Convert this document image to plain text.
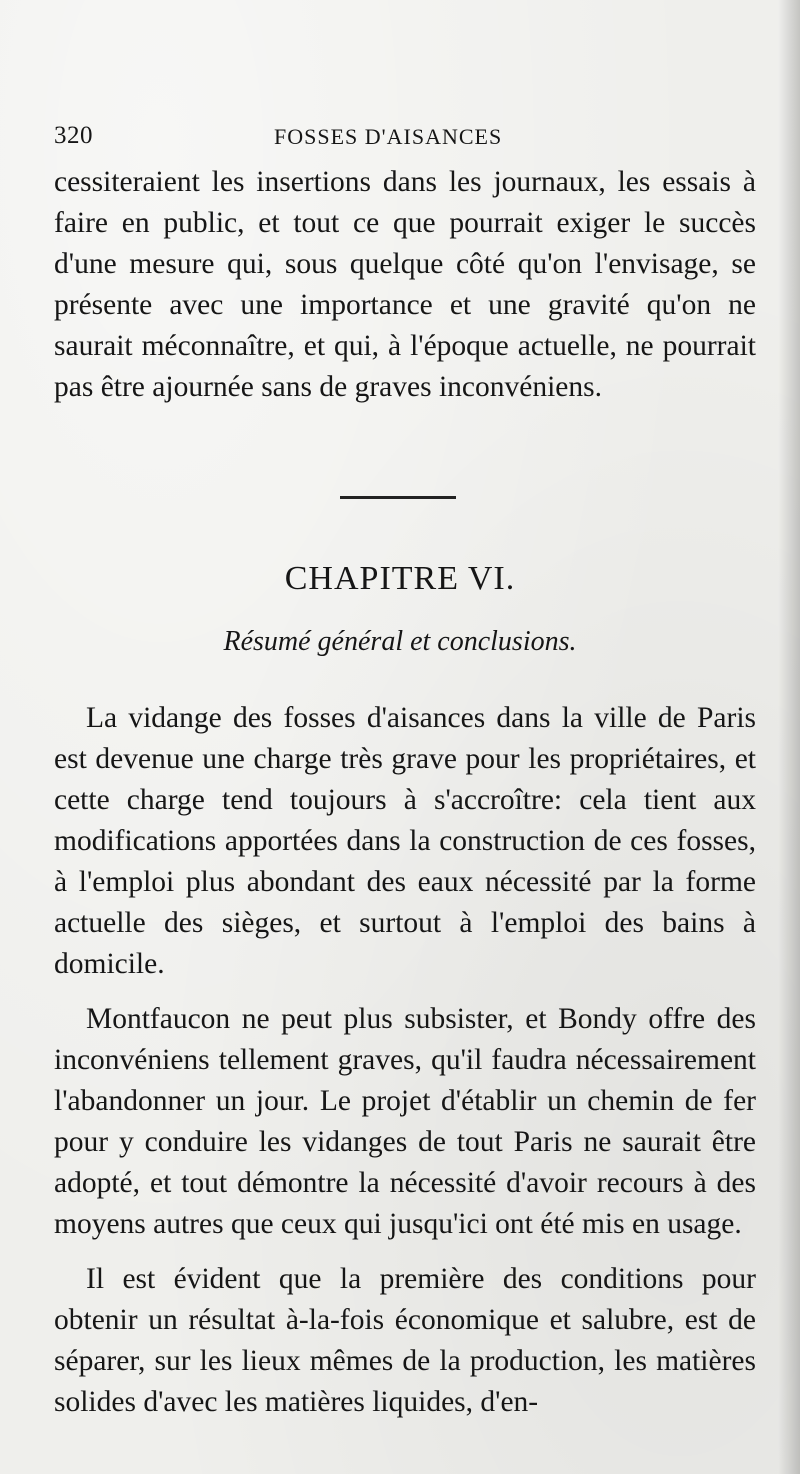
320	FOSSES D'AISANCES

cessiteraient les insertions dans les journaux, les essais à faire en public, et tout ce que pourrait exiger le succès d'une mesure qui, sous quelque côté qu'on l'envisage, se présente avec une importance et une gravité qu'on ne saurait méconnaître, et qui, à l'époque actuelle, ne pourrait pas être ajournée sans de graves inconvéniens.

CHAPITRE VI.
Résumé général et conclusions.

La vidange des fosses d'aisances dans la ville de Paris est devenue une charge très grave pour les propriétaires, et cette charge tend toujours à s'accroître: cela tient aux modifications apportées dans la construction de ces fosses, à l'emploi plus abondant des eaux nécessité par la forme actuelle des sièges, et surtout à l'emploi des bains à domicile.

Montfaucon ne peut plus subsister, et Bondy offre des inconvéniens tellement graves, qu'il faudra nécessairement l'abandonner un jour. Le projet d'établir un chemin de fer pour y conduire les vidanges de tout Paris ne saurait être adopté, et tout démontre la nécessité d'avoir recours à des moyens autres que ceux qui jusqu'ici ont été mis en usage.

Il est évident que la première des conditions pour obtenir un résultat à-la-fois économique et salubre, est de séparer, sur les lieux mêmes de la production, les matières solides d'avec les matières liquides, d'en-
